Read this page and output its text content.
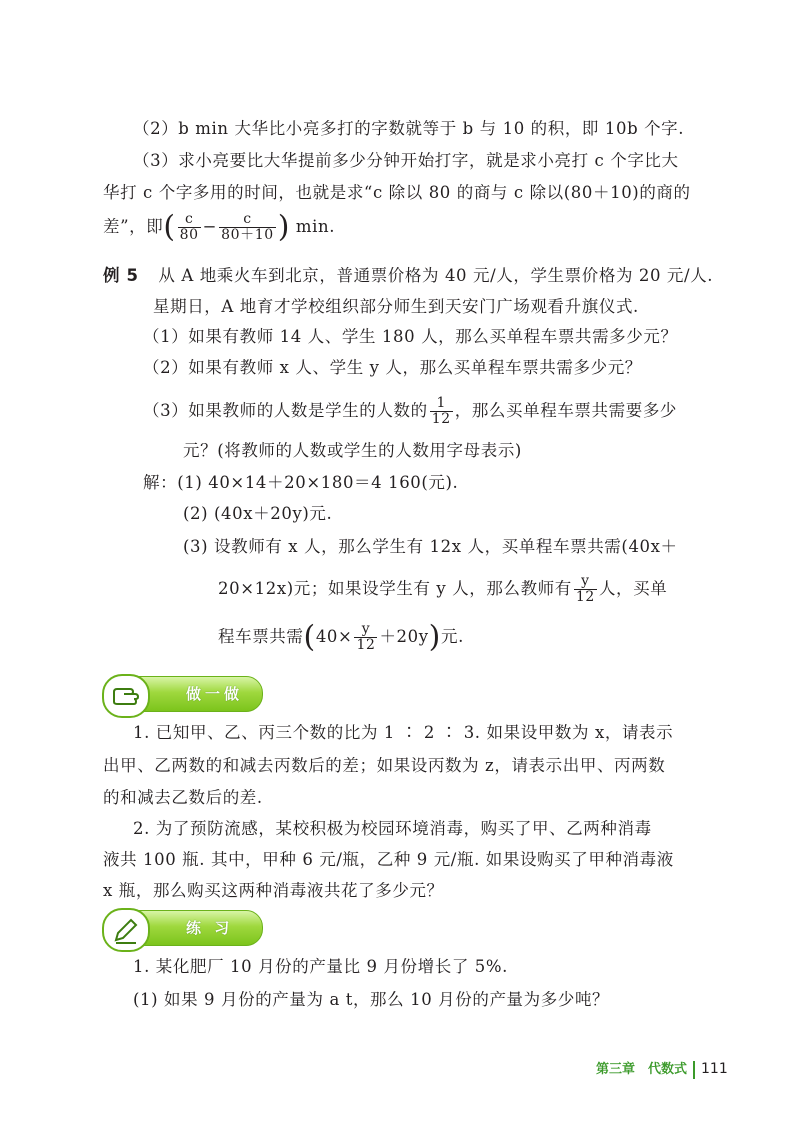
（2）b min 大华比小亮多打的字数就等于 b 与 10 的积，即 10b 个字.
（3）求小亮要比大华提前多少分钟开始打字，就是求小亮打 c 个字比大
华打 c 个字多用的时间，也就是求“c 除以 80 的商与 c 除以(80＋10)的商的
差”，即( $\frac{c}{80} - \frac{c}{80+10}$ ) min.
例 5 从 A 地乘火车到北京，普通票价格为 40 元/人，学生票价格为 20 元/人.
星期日，A 地育才学校组织部分师生到天安门广场观看升旗仪式.
（1）如果有教师 14 人、学生 180 人，那么买单程车票共需多少元？
（2）如果有教师 x 人、学生 y 人，那么买单程车票共需多少元？
（3）如果教师的人数是学生的人数的 $\frac{1}{12}$ ，那么买单程车票共需要多少
元？(将教师的人数或学生的人数用字母表示)
解：(1) 40×14＋20×180＝4 160(元).
(2) (40x＋20y)元.
(3) 设教师有 x 人，那么学生有 12x 人，买单程车票共需(40x＋
20×12x)元；如果设学生有 y 人，那么教师有 $\frac{y}{12}$ 人，买单
程车票共需$(40\times \frac{y}{12} +20y)$元.
做一做
1. 已知甲、乙、丙三个数的比为 1 ∶ 2 ∶ 3. 如果设甲数为 x，请表示
出甲、乙两数的和减去丙数后的差；如果设丙数为 z，请表示出甲、丙两数
的和减去乙数后的差.
2. 为了预防流感，某校积极为校园环境消毒，购买了甲、乙两种消毒
液共 100 瓶. 其中，甲种 6 元/瓶，乙种 9 元/瓶. 如果设购买了甲种消毒液
x 瓶，那么购买这两种消毒液共花了多少元？
练 习
1. 某化肥厂 10 月份的产量比 9 月份增长了 5%.
(1) 如果 9 月份的产量为 a t，那么 10 月份的产量为多少吨？
第三章　代数式 111
